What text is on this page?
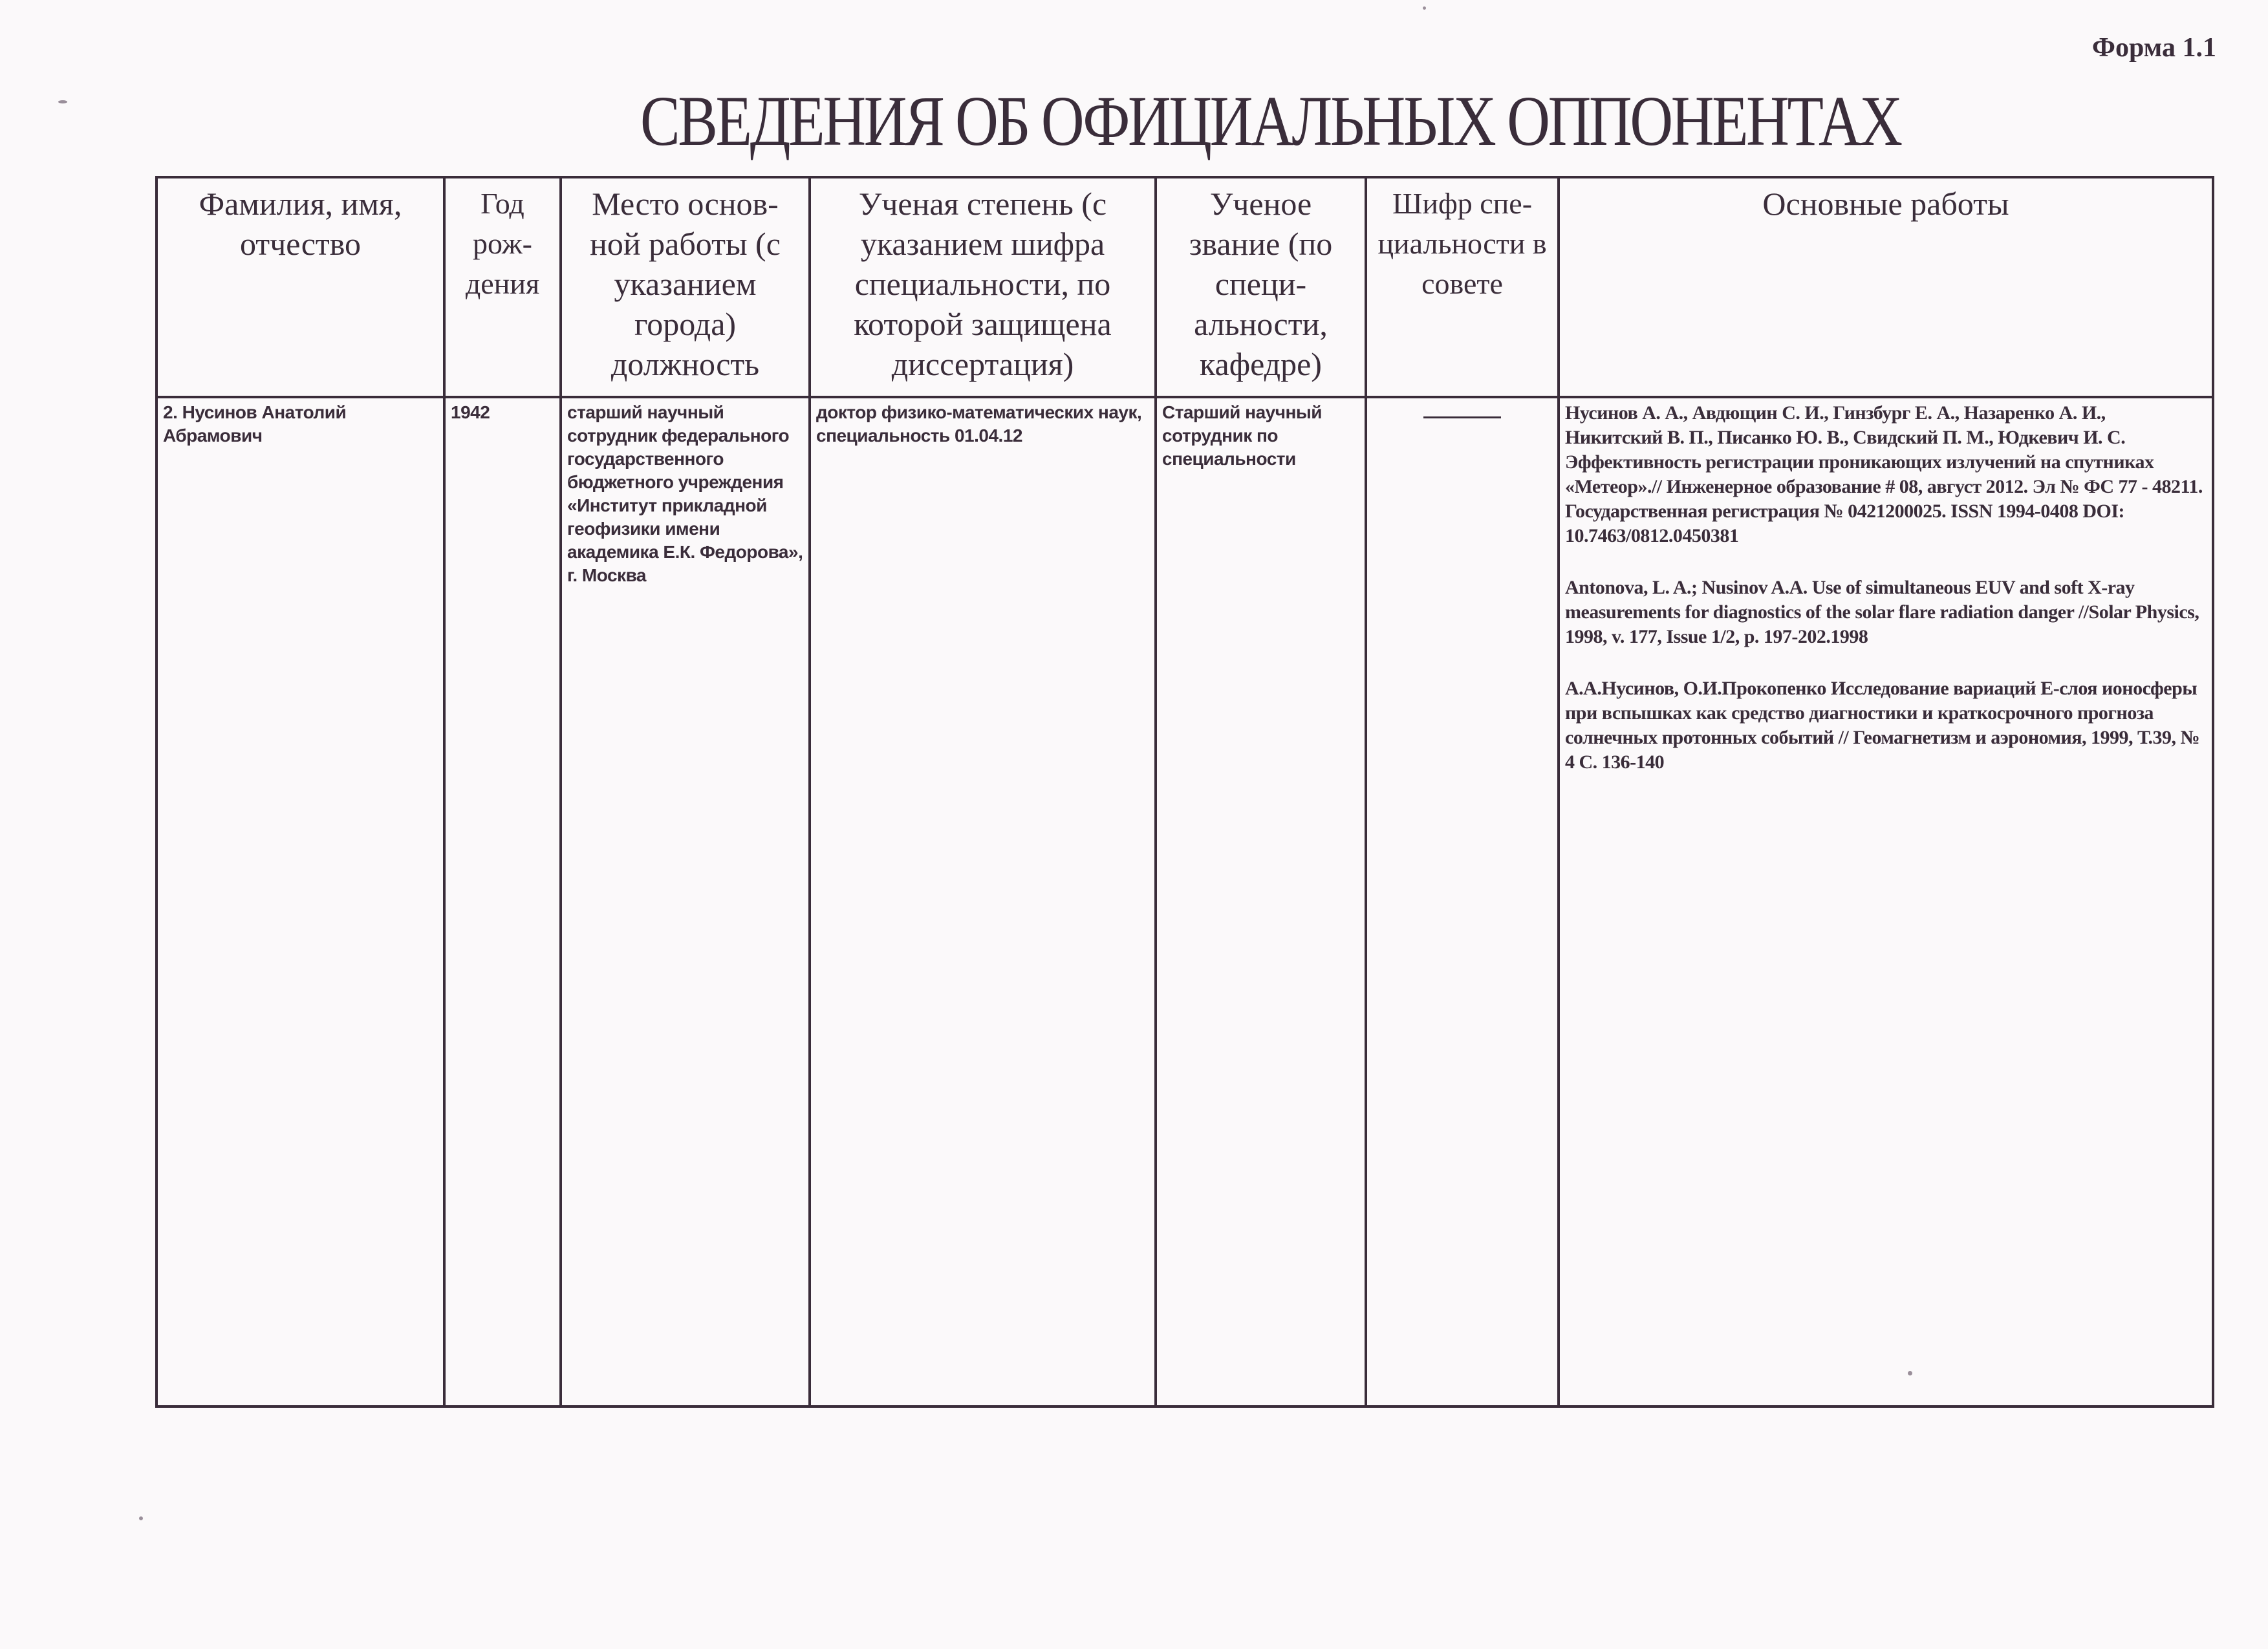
Форма 1.1
СВЕДЕНИЯ ОБ ОФИЦИАЛЬНЫХ ОППОНЕНТАХ
Фамилия, имя, отчество	Год рож-дения	Место основ-ной работы (с указанием города) должность	Ученая степень (с указанием шифра специальности, по которой защищена диссертация)	Ученое звание (по специ-альности, кафедре)	Шифр спе-циальности в совете	Основные работы
2. Нусинов Анатолий Абрамович	1942	старший научный сотрудник федерального государственного бюджетного учреждения «Институт прикладной геофизики имени академика Е.К. Федорова», г. Москва	доктор физико-математических наук, специальность 01.04.12	Старший научный сотрудник по специальности		Нусинов А. А., Авдющин С. И., Гинзбург Е. А., Назаренко А. И., Никитский В. П., Писанко Ю. В., Свидский П. М., Юдкевич И. С. Эффективность регистрации проникающих излучений на спутниках «Метеор».// Инженерное образование # 08, август 2012. Эл № ФС 77 - 48211. Государственная регистрация № 0421200025. ISSN 1994-0408 DOI: 10.7463/0812.0450381

Antonova, L. A.; Nusinov A.A. Use of simultaneous EUV and soft X-ray measurements for diagnostics of the solar flare radiation danger //Solar Physics, 1998, v. 177, Issue 1/2, p. 197-202.1998

А.А.Нусинов, О.И.Прокопенко Исследование вариаций Е-слоя ионосферы при вспышках как средство диагностики и краткосрочного прогноза солнечных протонных событий // Геомагнетизм и аэрономия, 1999, Т.39, № 4 С. 136-140
